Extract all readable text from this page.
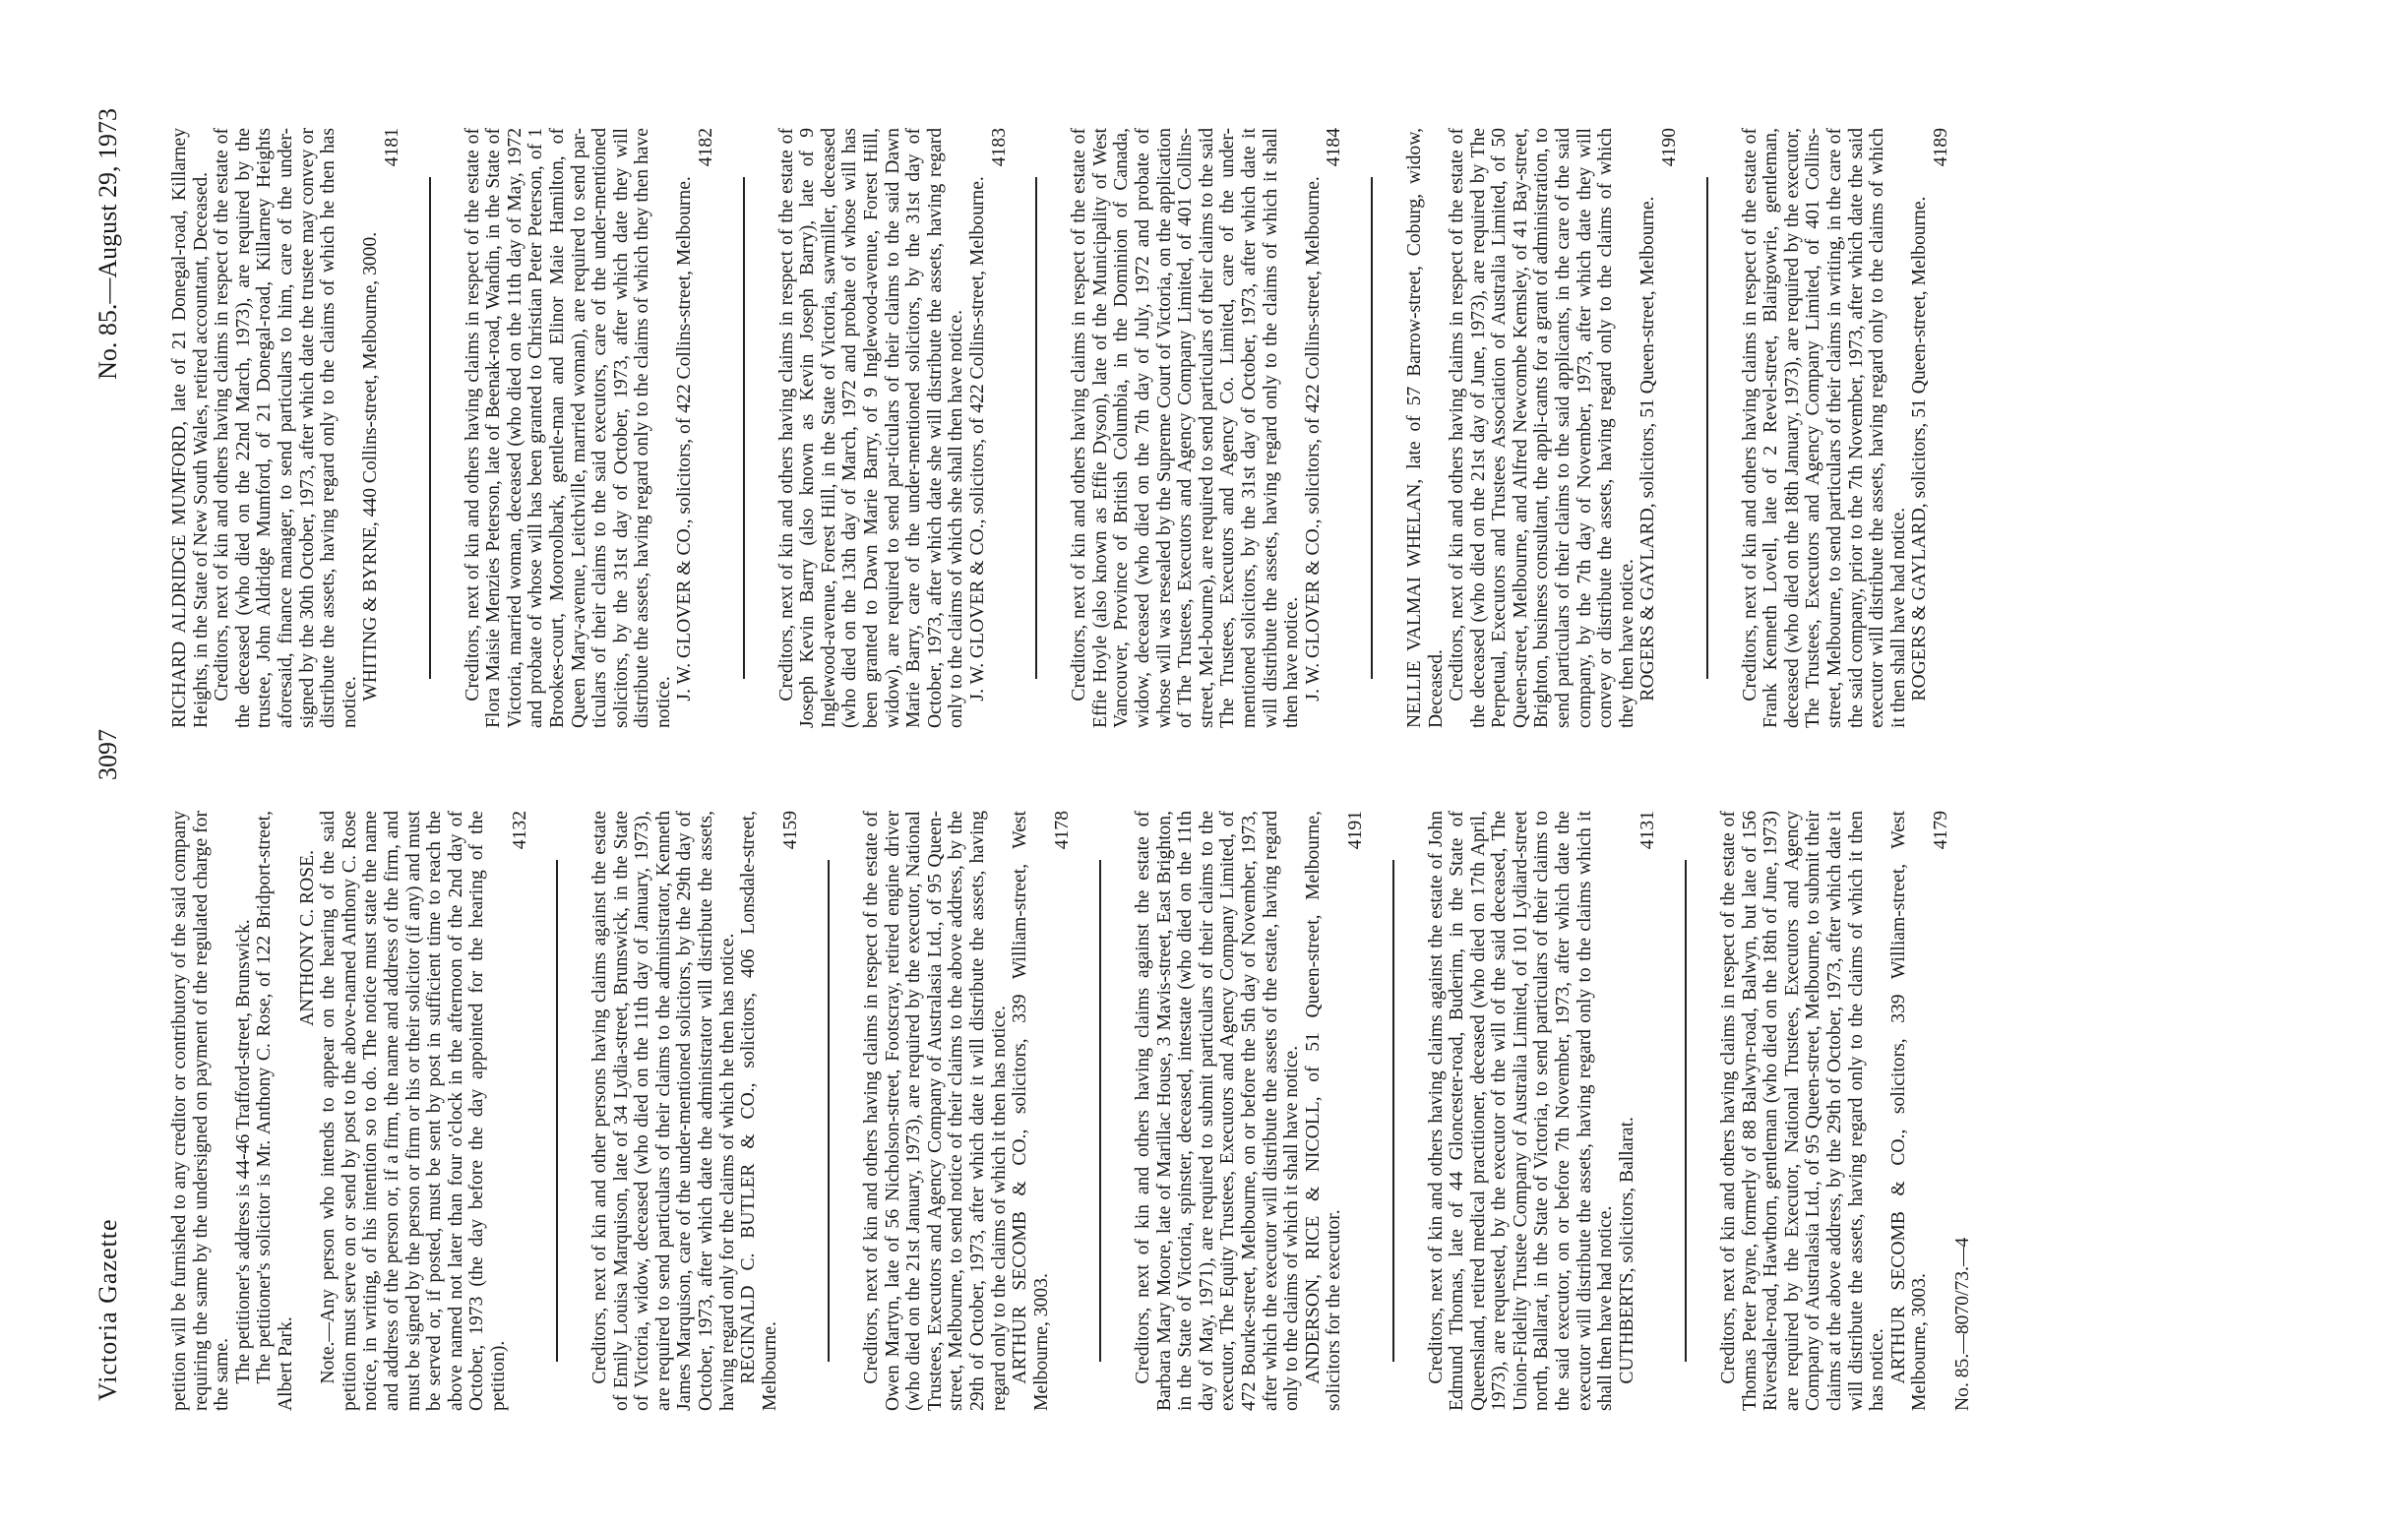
Victoria Gazette
3097
No. 85.—August 29, 1973

petition will be furnished to any creditor or contributory of the said company requiring the same by the undersigned on payment of the regulated charge for the same. The petitioner's address is 44-46 Trafford-street, Brunswick. The petitioner's solicitor is Mr. Anthony C. Rose, of 122 Bridport-street, Albert Park.

ANTHONY C. ROSE. Note.—Any person who intends to appear on the hearing of the said petition must serve on or send by post to the above-named Anthony C. Rose notice, in writing, of his intention so to do. The notice must state the name and address of the person or, if a firm, the name and address of the firm, and must be signed by the person or firm or his or their solicitor (if any) and must be served or, if posted, must be sent by post in sufficient time to reach the above named not later than four o'clock in the afternoon of the 2nd day of October, 1973 (the day before the day appointed for the hearing of the petition).

4132	Creditors, next of kin and other persons having claims against the estate of Emily Louisa Marquison, late of 34 Lydia-street, Brunswick, in the State of Victoria, widow, deceased (who died on the 11th day of January, 1973), are required to send particulars of their claims to the administrator, Kenneth James Marquison, care of the under-mentioned solicitors, by the 29th day of October, 1973, after which date the administrator will distribute the assets, having regard only for the claims of which he then has notice. REGINALD C. BUTLER & CO., solicitors, 406 Lonsdale-street, Melbourne.

4159	Creditors, next of kin and others having claims in respect of the estate of Owen Martyn, late of 56 Nicholson-street, Footscray, retired engine driver (who died on the 21st January, 1973), are required by the executor, National Trustees, Executors and Agency Company of Australasia Ltd., of 95 Queen-street, Melbourne, to send notice of their claims to the above address, by the 29th of October, 1973, after which date it will distribute the assets, having regard only to the claims of which it then has notice. ARTHUR SECOMB & CO., solicitors, 339 William-street, West Melbourne, 3003.

4178	Creditors, next of kin and others having claims against the estate of Barbara Mary Moore, late of Marillac House, 3 Mavis-street, East Brighton, in the State of Victoria, spinster, deceased, intestate (who died on the 11th day of May, 1971), are required to submit particulars of their claims to the executor, The Equity Trustees, Executors and Agency Company Limited, of 472 Bourke-street, Melbourne, on or before the 5th day of November, 1973, after which the executor will distribute the assets of the estate, having regard only to the claims of which it shall have notice. ANDERSON, RICE & NICOLL, of 51 Queen-street, Melbourne, solicitors for the executor.

4191	Creditors, next of kin and others having claims against the estate of John Edmund Thomas, late of 44 Gloncester-road, Buderim, in the State of Queensland, retired medical practitioner, deceased (who died on 17th April, 1973), are requested, by the executor of the will of the said deceased, The Union-Fidelity Trustee Company of Australia Limited, of 101 Lydiard-street north, Ballarat, in the State of Victoria, to send particulars of their claims to the said executor, on or before 7th November, 1973, after which date the executor will distribute the assets, having regard only to the claims which it shall then have had notice. CUTHBERTS, solicitors, Ballarat.

4131	Creditors, next of kin and others having claims in respect of the estate of Thomas Peter Payne, formerly of 88 Balwyn-road, Balwyn, but late of 156 Riversdale-road, Hawthorn, gentleman (who died on the 18th of June, 1973) are required by the Executor, National Trustees, Executors and Agency Company of Australasia Ltd., of 95 Queen-street, Melbourne, to submit their claims at the above address, by the 29th of October, 1973, after which date it will distribute the assets, having regard only to the claims of which it then has notice. ARTHUR SECOMB & CO., solicitors, 339 William-street, West Melbourne, 3003.

4179

No. 85.—8070/73.—4

RICHARD ALDRIDGE MUMFORD, late of 21 Donegal-road, Killarney Heights, in the State of New South Wales, retired accountant, Deceased. Creditors, next of kin and others having claims in respect of the estate of the deceased (who died on the 22nd March, 1973), are required by the trustee, John Aldridge Mumford, of 21 Donegal-road, Killarney Heights aforesaid, finance manager, to send particulars to him, care of the under-signed by the 30th October, 1973, after which date the trustee may convey or distribute the assets, having regard only to the claims of which he then has notice.

WHITING & BYRNE, 440 Collins-street, Melbourne, 3000.

4181	Creditors, next of kin and others having claims in respect of the estate of Flora Maisie Menzies Peterson, late of Beenak-road, Wandin, in the State of Victoria, married woman, deceased (who died on the 11th day of May, 1972 and probate of whose will has been granted to Christian Peter Peterson, of 1 Brookes-court, Mooroolbark, gentle-man and Elinor Maie Hamilton, of Queen Mary-avenue, Leitchville, married woman), are required to send par-ticulars of their claims to the said executors, care of the under-mentioned solicitors, by the 31st day of October, 1973, after which date they will distribute the assets, having regard only to the claims of which they then have notice.

J. W. GLOVER & CO., solicitors, of 422 Collins-street, Melbourne.

4182	Creditors, next of kin and others having claims in respect of the estate of Joseph Kevin Barry (also known as Kevin Joseph Barry), late of 9 Inglewood-avenue, Forest Hill, in the State of Victoria, sawmiller, deceased (who died on the 13th day of March, 1972 and probate of whose will has been granted to Dawn Marie Barry, of 9 Inglewood-avenue, Forest Hill, widow), are required to send par-ticulars of their claims to the said Dawn Marie Barry, care of the under-mentioned solicitors, by the 31st day of October, 1973, after which date she will distribute the assets, having regard only to the claims of which she shall then have notice. J. W. GLOVER & CO., solicitors, of 422 Collins-street, Melbourne.

4183	Creditors, next of kin and others having claims in respect of the estate of Effie Hoyle (also known as Effie Dyson), late of the Municipality of West Vancouver, Province of British Columbia, in the Dominion of Canada, widow, deceased (who died on the 7th day of July, 1972 and probate of whose will was resealed by the Supreme Court of Victoria, on the application of The Trustees, Executors and Agency Company Limited, of 401 Collins-street, Mel-bourne), are required to send particulars of their claims to the said The Trustees, Executors and Agency Co. Limited, care of the under-mentioned solicitors, by the 31st day of October, 1973, after which date it will distribute the assets, having regard only to the claims of which it shall then have notice. J. W. GLOVER & CO., solicitors, of 422 Collins-street, Melbourne.

4184	NELLIE VALMAI WHELAN, late of 57 Barrow-street, Coburg, widow, Deceased. Creditors, next of kin and others having claims in respect of the estate of the deceased (who died on the 21st day of June, 1973), are required by The Perpetual, Executors and Trustees Association of Australia Limited, of 50 Queen-street, Melbourne, and Alfred Newcombe Kemsley, of 41 Bay-street, Brighton, business consultant, the appli-cants for a grant of administration, to send particulars of their claims to the said applicants, in the care of the said company, by the 7th day of November, 1973, after which date they will convey or distribute the assets, having regard only to the claims of which they then have notice. ROGERS & GAYLARD, solicitors, 51 Queen-street, Melbourne.

4190	Creditors, next of kin and others having claims in respect of the estate of Frank Kenneth Lovell, late of 2 Revel-street, Blairgowrie, gentleman, deceased (who died on the 18th January, 1973), are required by the executor, The Trustees, Executors and Agency Company Limited, of 401 Collins-street, Melbourne, to send particulars of their claims in writing, in the care of the said company, prior to the 7th November, 1973, after which date the said executor will distribute the assets, having regard only to the claims of which it then shall have had notice. ROGERS & GAYLARD, solicitors, 51 Queen-street, Melbourne.

4189
